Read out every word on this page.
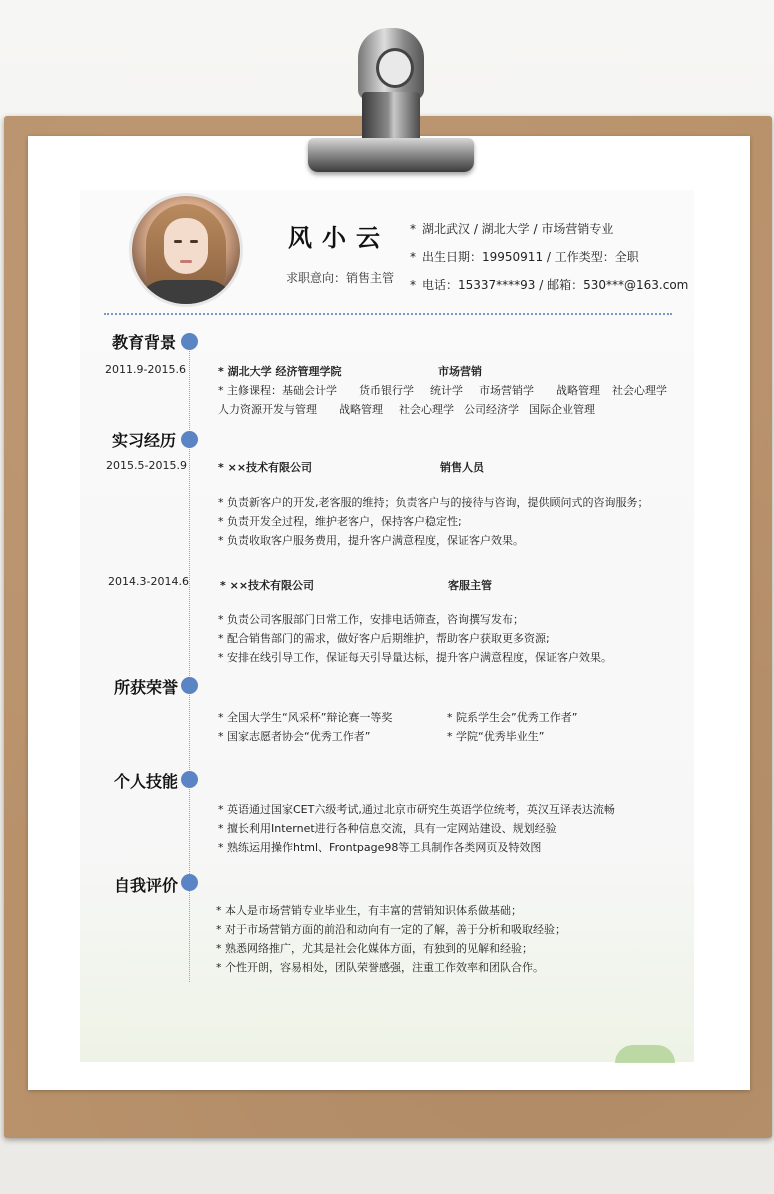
风小云
求职意向：销售主管
* 湖北武汉 / 湖北大学 / 市场营销专业
* 出生日期：19950911 / 工作类型：全职
* 电话：15337****93 / 邮箱：530***@163.com
教育背景
2011.9-2015.6	* 湖北大学 经济管理学院	市场营销
* 主修课程：基础会计学 货币银行学 统计学 市场营销学 战略管理 社会心理学
人力资源开发与管理 战略管理 社会心理学 公司经济学 国际企业管理
实习经历
2015.5-2015.9	* ××技术有限公司	销售人员
* 负责新客户的开发,老客服的维持；负责客户与的接待与咨询，提供顾问式的咨询服务；
* 负责开发全过程，维护老客户，保持客户稳定性;
* 负责收取客户服务费用，提升客户满意程度，保证客户效果。
2014.3-2014.6	* ××技术有限公司	客服主管
* 负责公司客服部门日常工作，安排电话筛查，咨询撰写发布；
* 配合销售部门的需求，做好客户后期维护，帮助客户获取更多资源;
* 安排在线引导工作，保证每天引导量达标，提升客户满意程度，保证客户效果。
所获荣誉
* 全国大学生“风采杯”辩论赛一等奖	* 院系学生会”优秀工作者”
* 国家志愿者协会“优秀工作者”	* 学院“优秀毕业生”
个人技能
* 英语通过国家CET六级考试,通过北京市研究生英语学位统考，英汉互译表达流畅
* 擅长利用Internet进行各种信息交流，具有一定网站建设、规划经验
* 熟练运用操作html、Frontpage98等工具制作各类网页及特效图
自我评价
* 本人是市场营销专业毕业生，有丰富的营销知识体系做基础；
* 对于市场营销方面的前沿和动向有一定的了解，善于分析和吸取经验；
* 熟悉网络推广，尤其是社会化媒体方面，有独到的见解和经验；
* 个性开朗，容易相处，团队荣誉感强，注重工作效率和团队合作。
